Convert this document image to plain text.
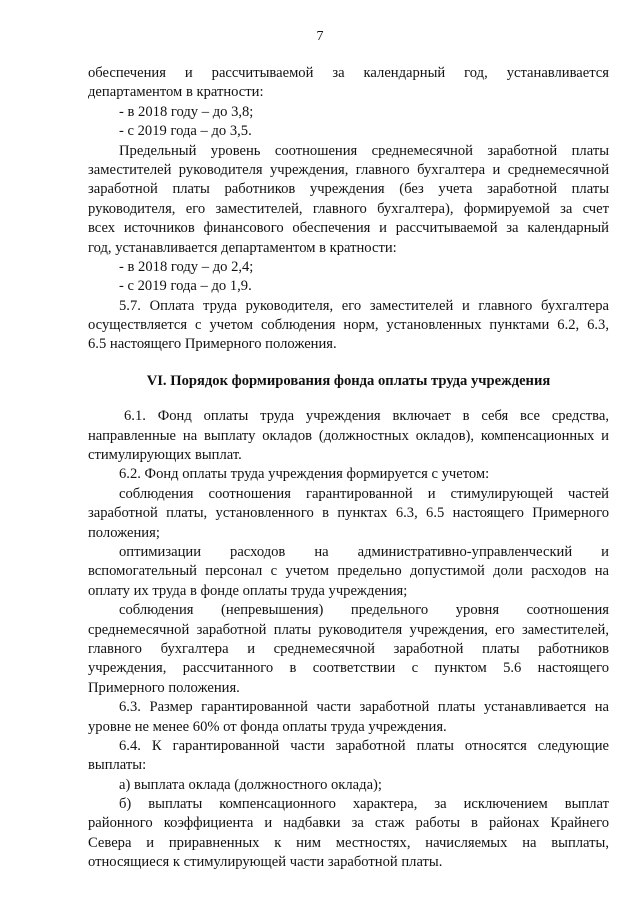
7
обеспечения и рассчитываемой за календарный год, устанавливается
департаментом в кратности:
- в 2018 году – до 3,8;
- с 2019 года – до 3,5.
Предельный уровень соотношения среднемесячной заработной платы
заместителей руководителя учреждения, главного бухгалтера и среднемесячной
заработной платы работников учреждения (без учета заработной платы
руководителя, его заместителей, главного бухгалтера), формируемой за счет
всех источников финансового обеспечения и рассчитываемой за календарный
год, устанавливается департаментом в кратности:
- в 2018 году – до 2,4;
- с 2019 года – до 1,9.
5.7. Оплата труда руководителя, его заместителей и главного бухгалтера
осуществляется с учетом соблюдения норм, установленных пунктами 6.2, 6.3,
6.5 настоящего Примерного положения.
VI. Порядок формирования фонда оплаты труда учреждения
6.1. Фонд оплаты труда учреждения включает в себя все средства,
направленные на выплату окладов (должностных окладов), компенсационных и
стимулирующих выплат.
6.2. Фонд оплаты труда учреждения формируется с учетом:
соблюдения соотношения гарантированной и стимулирующей частей
заработной платы, установленного в пунктах 6.3, 6.5 настоящего Примерного
положения;
оптимизации расходов на административно-управленческий и
вспомогательный персонал с учетом предельно допустимой доли расходов на
оплату их труда в фонде оплаты труда учреждения;
соблюдения (непревышения) предельного уровня соотношения
среднемесячной заработной платы руководителя учреждения, его заместителей,
главного бухгалтера и среднемесячной заработной платы работников
учреждения, рассчитанного в соответствии с пунктом 5.6 настоящего
Примерного положения.
6.3. Размер гарантированной части заработной платы устанавливается на
уровне не менее 60% от фонда оплаты труда учреждения.
6.4. К гарантированной части заработной платы относятся следующие
выплаты:
а) выплата оклада (должностного оклада);
б) выплаты компенсационного характера, за исключением выплат
районного коэффициента и надбавки за стаж работы в районах Крайнего
Севера и приравненных к ним местностях, начисляемых на выплаты,
относящиеся к стимулирующей части заработной платы.
